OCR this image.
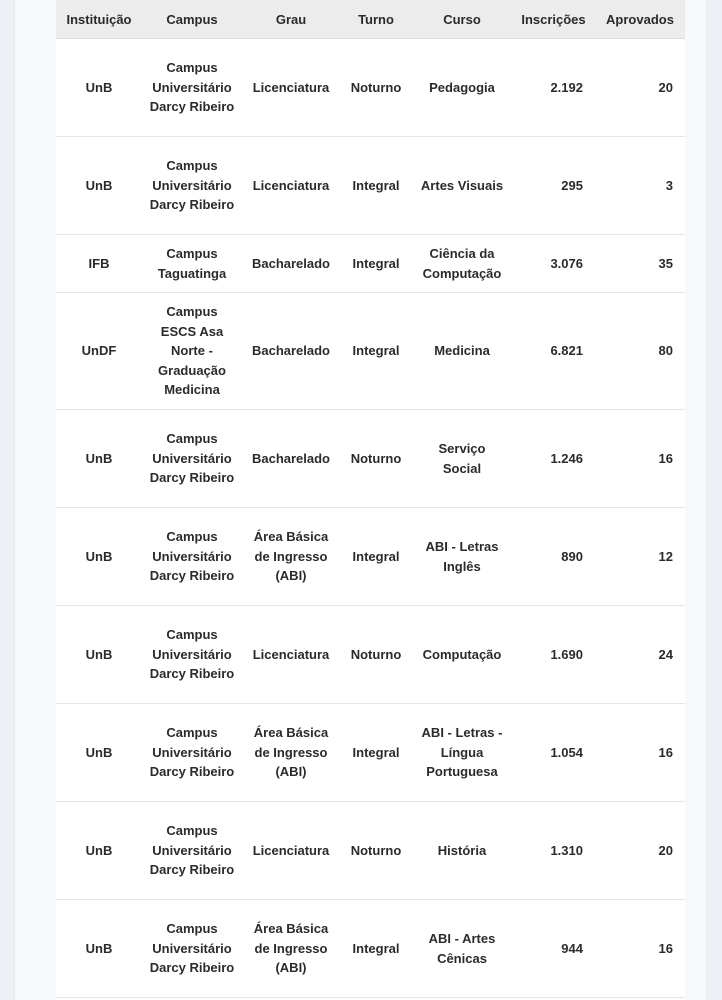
Instituição	Campus	Grau	Turno	Curso	Inscrições	Aprovados
UnB	Campus Universitário Darcy Ribeiro	Licenciatura	Noturno	Pedagogia	2.192	20
UnB	Campus Universitário Darcy Ribeiro	Licenciatura	Integral	Artes Visuais	295	3
IFB	Campus Taguatinga	Bacharelado	Integral	Ciência da Computação	3.076	35
UnDF	Campus ESCS Asa Norte - Graduação Medicina	Bacharelado	Integral	Medicina	6.821	80
UnB	Campus Universitário Darcy Ribeiro	Bacharelado	Noturno	Serviço Social	1.246	16
UnB	Campus Universitário Darcy Ribeiro	Área Básica de Ingresso (ABI)	Integral	ABI - Letras Inglês	890	12
UnB	Campus Universitário Darcy Ribeiro	Licenciatura	Noturno	Computação	1.690	24
UnB	Campus Universitário Darcy Ribeiro	Área Básica de Ingresso (ABI)	Integral	ABI - Letras - Língua Portuguesa	1.054	16
UnB	Campus Universitário Darcy Ribeiro	Licenciatura	Noturno	História	1.310	20
UnB	Campus Universitário Darcy Ribeiro	Área Básica de Ingresso (ABI)	Integral	ABI - Artes Cênicas	944	16
